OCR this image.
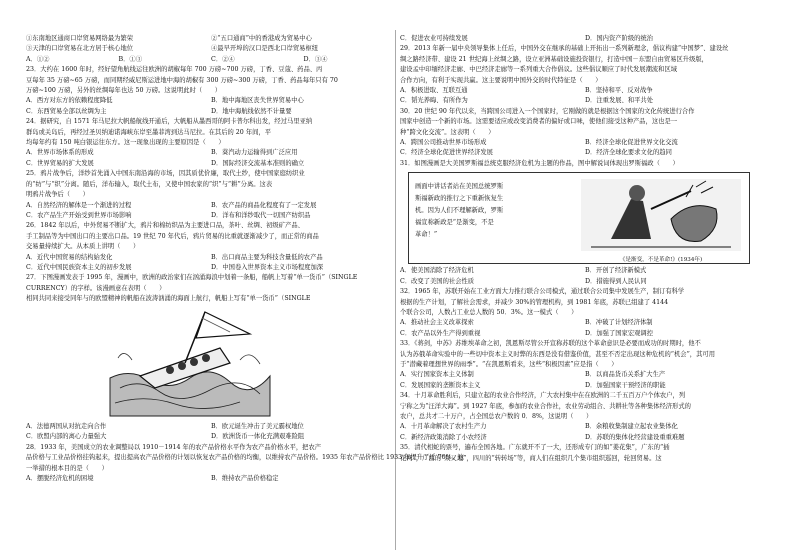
①东南地区通商口岸贸易网络最为繁荣	②“五口通商”中的香港成为贸易中心
③天津的口岸贸易在北方居于核心地位	④最早开埠的汉口是西北口岸贸易枢纽
A．①②	B．①③	C．②④	D．③④
23．大约在 1600 年时，经好望角航线运往欧洲的胡椒每年 700 万磅~700 万磅，丁香、豆蔻、药品、丙
豆每年 35 万磅~65 万磅，而同期经威尼斯运进地中海的胡椒有 300 万磅~300 万磅，丁香、药品每年只有 70
万磅~100 万磅，另外的丝绸每年也达 50 万磅。这说明此时（　　）
A．西方对东方的依赖程度降低	B．地中海地区丧失世界贸易中心
C．东西贸易全部以丝绸为主	D．地中海航线依然不计量要
24．据研究，自 1571 年马尼拉大帆船航线开通后，大帆船从墨西哥的阿卡普尔科出发，经过马里亚纳
群岛或关岛后，再经过圣贝纳迪诺海峡东岸至墨菲湾到达马尼拉。在其后的 20 年间，平
均每年约有 150 吨白银运往东方。这一现象出现的主要原因是（　　）
A．世界市场体系的形成	B．葵汽动力运输得到广泛应用
C．世界贸易的扩大发展	D．国际经济交流基本准则的确立
25．鸦片战争后，洋纱首先涌入中国东南沿海的市场，因其质优价廉，取代土纱，使中国家庭纺织业
的“纺”与“织”分离。随后，洋布输入，取代土布，又使中国农家的“织”与“耕”分离。这表
明鸦片战争后（　　）
A．自然经济的解体是一个渐进的过程	B．农产品的商品化程度有了一定发展
C．农产品生产开始受到世界市场影响	D．洋布和洋纱取代一切国产纺织品
26．1842 年以后，中外贸易不断扩大，鸦片和棉纺织品为主要进口品，茶叶、丝绸、初级矿产品、
手工制品等为中国出口的主要出口品。19 世纪 70 年代后，鸦片贸易的比重就逐渐减少了，而正常的商品
交易量持续扩大。从本质上讲明（　　）
A．近代中国贸易的结构始发化	B．出口商品主要为科技含量低的农产品
C．近代中国民族资本主义的初步发展	D．中国卷入世界资本主义市场程度加深
27．下图漫画发表于 1995 年，漫画中，欧洲的政治家们在汹涌海浪中划着一条船，船帆上写着“单一货币”（SINGLE
CURRENCY）的字样。该漫画意在表明（　　）
相同共同来接受同年与的欧盟精神的帆船在波涛汹涌的海面上航行，帆船上写有“单一货币”（SINGLE
A．法德两国从对抗走向合作	B．欧元诞生冲击了美元霸权地位
C．欧盟内部的离心力量强大	D．欧洲货币一体化充满艰难险阻
28．1933 年，美国成立的农业调整局以 1910－1914 年的农产品价格水平作为农产品价格水平，把农产
品价格与工业品价格挂钩起来，提出提高农产品价格的计划以恢复农产品价格的均衡，以维持农产品价格。1935 年农产品价格比 1933 年提升了近 70%。这
一举措的根本目的是（　　）
A．摆脱经济危机的困境	B．维持农产品价格稳定
C．促进农业可持续发展	D．国内资产阶级的统治
29．2013 年新一届中央领导集体上任后，中国外交在继承的基础上开拓出一系列新理念，倡议构建“中国梦”、建设丝
绸之路经济带、建设 21 世纪海上丝绸之路，设立亚洲基础设施投资银行，打造中国－东盟自由贸易区升级版，
建设孟中印缅经济走廊、中巴经济走廊等一系列重大合作倡议。这些倡议顺应了时代发展潮流和区域
合作方向，有利于实现共赢。这主要说明中国外交的时代特征是（　　）
A．积极进取、互联互通	B．坚持和平、反对战争
C．韬光养晦、有所作为	D．注重发展、和平共处
30．20 世纪 90 年代以来，当跨国公司进入一个国家时，它刚做的就是根据这个国家的文化传统进行合作
国家中创造一个新的市场。这需要适应或改变消费者的偏好或口味，使他们接受这种产品，这也是一
种“跨文化交流”。这表明（　　）
A．跨国公司推动世界市场形成	B．经济全球化促进世界文化交流
C．经济全球化促进世界经济发展	D．经济全球化要求文化的趋同
31．如图漫画是大美国罗斯福总统克服经济危机为主题的作品，图中解说词体现出罗斯福政（　　）
画面中讲话者站在美国总统罗斯
斯福新政的推行之下重新恢复生
机。因为人们不理解新政，罗斯
福宣称新政是“是渐变，不是
革命！”
《是渐变，不是革命!》(1934年)
A．使美国消除了经济危机	B．开创了经济新模式
C．改变了美国的社会性质	D．措施得到人民认同
32．1965 年，苏联开始在工业方面大力推行联合公司模式，通过联合公司集中发展生产，制订有科学
根据的生产计划，了解社会需求，并减少 30%的管理机构，到 1981 年底，苏联已组建了 4144
个联合公司，人数占工业总人数的 50．3%。这一模式（　　）
A．推动社会主义改革探索	B．冲破了计划经济体制
C．农产品以外生产得到重视	D．加强了国家宏观调控
33．《蒋剑，中苏》苏维埃革命之初，凯恩斯尽管公开宣称苏联的这个革命意识是必要而成功的时期时，他不
认为苏俄革命实验中的一些切中资本主义时弊的东西是没有借鉴价值，甚至不否定出现这种危机的“机会”，其可用
于“潜藏着理想世界的雨季”。“在凯恩斯看来，这些“积极因素”应是指（　　）
A．实行国家资本主义体制	B．以商品货币关系扩大生产
C．发展国家的垄断资本主义	D．加强国家干预经济的职能
34．十月革命胜利后，只建立起的农业合作经济，广大农村集中在在欧洲的二千五百万户个体农户，列
宁称之为“汪洋大海”。到 1927 年底，参加的农业合作社，农业劳动组合、共耕社等各种集体经济形式的
农户，总共才二十万户，占全国总农户数的 0．8%，这说明（　　）
A．十月革命解决了农村生产力	B．余粮收集制建立起农业集体化
C．新经济政策消除了小农经济	D．苏联的集体化经营建设重重难题
35．清代相蛇的票号，遍布全国各地。广东就开不了一大，还形成专门的如“姜花集”，广东的“插
花网”，广西的“双又地”，四川的“转转场”等，商人们在组织几个集市组织巡回，轮回贸易。这
